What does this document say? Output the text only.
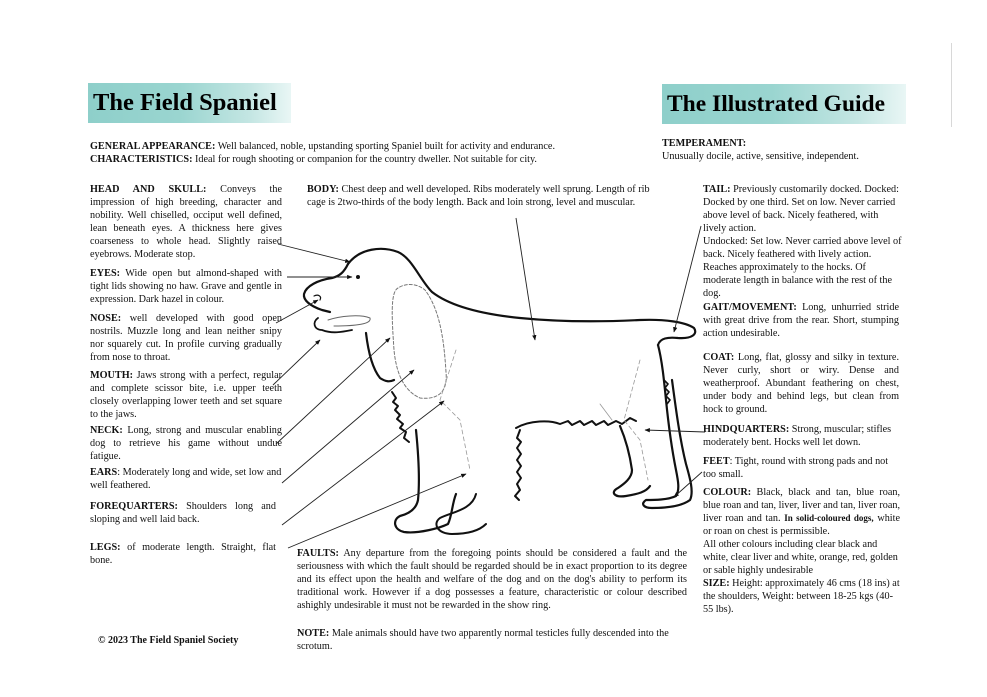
The Field Spaniel	The Illustrated Guide
GENERAL APPEARANCE: Well balanced, noble, upstanding sporting Spaniel built for activity and endurance.
CHARACTERISTICS: Ideal for rough shooting or companion for the country dweller. Not suitable for city.
TEMPERAMENT:
Unusually docile, active, sensitive, independent.
HEAD AND SKULL: Conveys the impression of high breeding, character and nobility. Well chiselled, occiput well defined, lean beneath eyes. A thickness here gives coarseness to whole head. Slightly raised eyebrows. Moderate stop.
EYES: Wide open but almond-shaped with tight lids showing no haw. Grave and gentle in expression. Dark hazel in colour.
NOSE: well developed with good open nostrils. Muzzle long and lean neither snipy nor squarely cut. In profile curving gradually from nose to throat.
MOUTH: Jaws strong with a perfect, regular and complete scissor bite, i.e. upper teeth closely overlapping lower teeth and set square to the jaws.
NECK: Long, strong and muscular enabling dog to retrieve his game without undue fatigue.
EARS: Moderately long and wide, set low and well feathered.
FOREQUARTERS: Shoulders long and sloping and well laid back.
LEGS: of moderate length. Straight, flat bone.
BODY: Chest deep and well developed. Ribs moderately well sprung. Length of rib cage is 2two-thirds of the body length. Back and loin strong, level and muscular.
TAIL: Previously customarily docked. Docked: Docked by one third. Set on low. Never carried above level of back. Nicely feathered, with lively action.
Undocked: Set low. Never carried above level of back. Nicely feathered with lively action. Reaches approximately to the hocks. Of moderate length in balance with the rest of the dog.
GAIT/MOVEMENT: Long, unhurried stride with great drive from the rear. Short, stumping action undesirable.
COAT: Long, flat, glossy and silky in texture. Never curly, short or wiry. Dense and weatherproof. Abundant feathering on chest, under body and behind legs, but clean from hock to ground.
HINDQUARTERS: Strong, muscular; stifles moderately bent. Hocks well let down.
FEET: Tight, round with strong pads and not too small.
COLOUR: Black, black and tan, blue roan, blue roan and tan, liver, liver and tan, liver roan, liver roan and tan. In solid-coloured dogs, white or roan on chest is permissible.
All other colours including clear black and white, clear liver and white, orange, red, golden or sable highly undesirable
SIZE: Height: approximately 46 cms (18 ins) at the shoulders, Weight: between 18-25 kgs (40-55 lbs).
FAULTS: Any departure from the foregoing points should be considered a fault and the seriousness with which the fault should be regarded should be in exact proportion to its degree and its effect upon the health and welfare of the dog and on the dog's ability to perform its traditional work. However if a dog possesses a feature, characteristic or colour described ashighly undesirable it must not be rewarded in the show ring.
NOTE: Male animals should have two apparently normal testicles fully descended into the scrotum.
© 2023 The Field Spaniel Society
